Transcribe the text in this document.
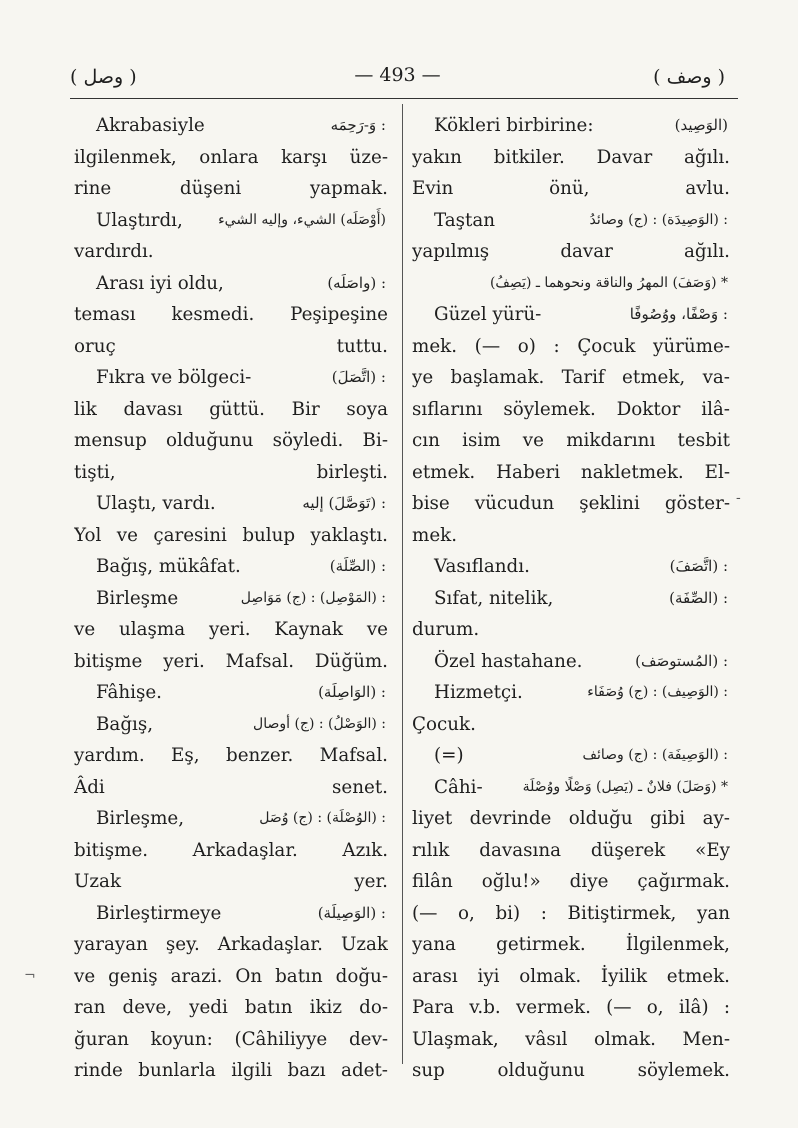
( وصل )	— 493 —	( وصف )
Akrabasiyle	: وَ-رَحِمَه
ilgilenmek, onlara karşı üze-
rine düşeni yapmak.
Ulaştırdı,	(أَوْصَلَه) الشيء، وإليه الشيء
vardırdı.
Arası iyi oldu,	: (واصَلَه)
teması kesmedi. Peşipeşine
oruç tuttu.
Fıkra ve bölgeci-	: (اتَّصَلَ)
lik davası güttü. Bir soya
mensup olduğunu söyledi. Bi-
tişti, birleşti.
Ulaştı, vardı.	: (تَوَصَّلَ) إليه
Yol ve çaresini bulup yaklaştı.
Bağış, mükâfat.	: (الصِّلَة)
Birleşme	: (المَوْصِل) : (ج) مَوَاصِل
ve ulaşma yeri. Kaynak ve
bitişme yeri. Mafsal. Düğüm.
Fâhişe.	: (الوَاصِلَة)
Bağış,	: (الوَصْلُ) : (ج) أوصال
yardım. Eş, benzer. Mafsal.
Âdi senet.
Birleşme,	: (الوُصْلَة) : (ج) وُصَل
bitişme. Arkadaşlar. Azık.
Uzak yer.
Birleştirmeye	: (الوَصِيلَة)
yarayan şey. Arkadaşlar. Uzak
ve geniş arazi. On batın doğu-
ran deve, yedi batın ikiz do-
ğuran koyun: (Câhiliyye dev-
rinde bunlarla ilgili bazı adet-
Kökleri birbirine:	(الوَصِيد)
yakın bitkiler. Davar ağılı.
Evin önü, avlu.
Taştan	: (الوَصِيدَة) : (ج) وصائدُ
yapılmış davar ağılı.
* (وَصَفَ) المهرُ والناقة ونحوهما ـ (يَصِفُ)
Güzel yürü-	: وَصْفًا، ووُصُوفًا
mek. (— o) : Çocuk yürüme-
ye başlamak. Tarif etmek, va-
sıflarını söylemek. Doktor ilâ-
cın isim ve mikdarını tesbit
etmek. Haberi nakletmek. El-
bise vücudun şeklini göster-
mek.
Vasıflandı.	: (اتَّصَفَ)
Sıfat, nitelik,	: (الصِّفَة)
durum.
Özel hastahane.	: (المُستوصَف)
Hizmetçi.	: (الوَصِيف) : (ج) وُصَفَاء
Çocuk.
(=)	: (الوَصِيفَة) : (ج) وصائف
Câhi-	* (وَصَلَ) فلانٌ ـ (يَصِل) وَصْلًا ووُصْلَة
liyet devrinde olduğu gibi ay-
rılık davasına düşerek «Ey
filân oğlu!» diye çağırmak.
(— o, bi) : Bitiştirmek, yan
yana getirmek. İlgilenmek,
arası iyi olmak. İyilik etmek.
Para v.b. vermek. (— o, ilâ) :
Ulaşmak, vâsıl olmak. Men-
sup olduğunu söylemek.
-
¬
